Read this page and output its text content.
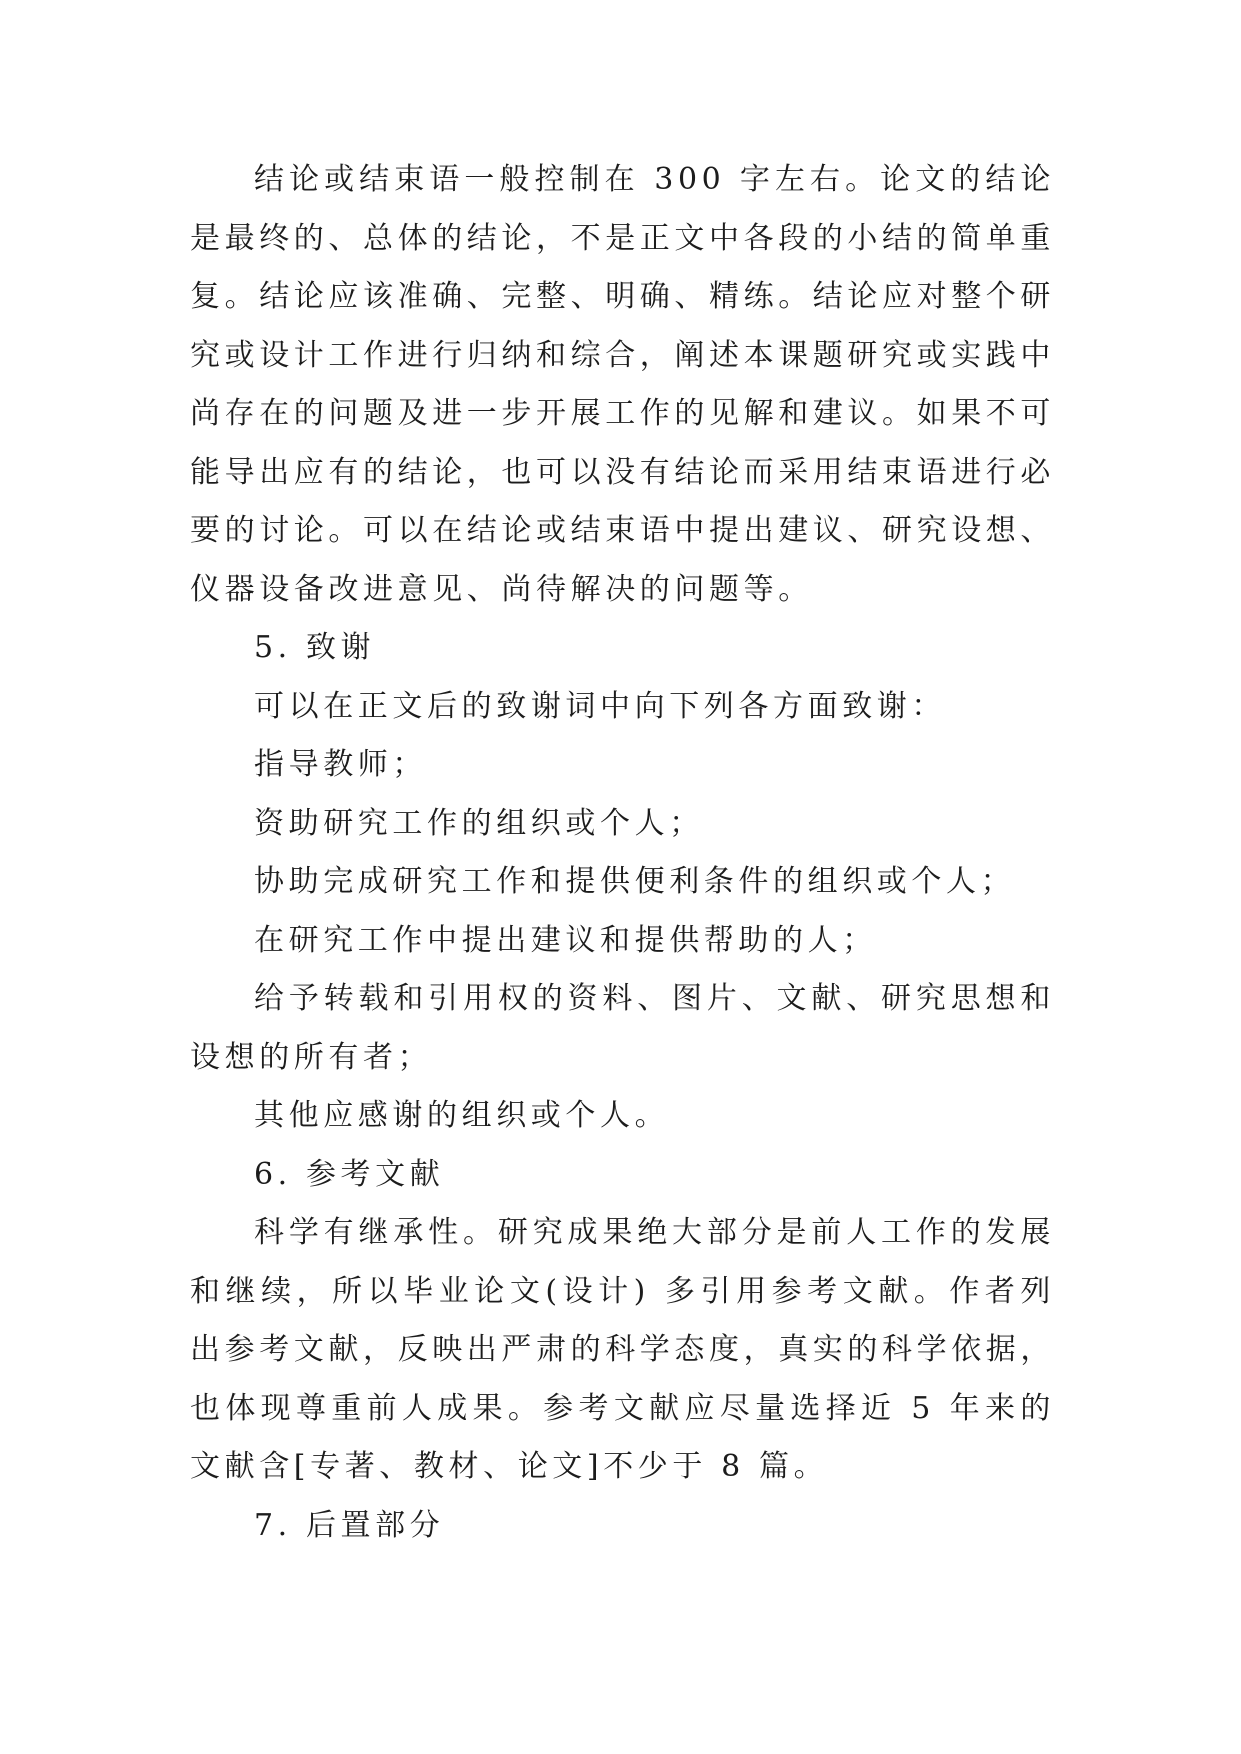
结论或结束语一般控制在 300 字左右。论文的结论是最终的、总体的结论，不是正文中各段的小结的简单重复。结论应该准确、完整、明确、精练。结论应对整个研究或设计工作进行归纳和综合，阐述本课题研究或实践中尚存在的问题及进一步开展工作的见解和建议。如果不可能导出应有的结论，也可以没有结论而采用结束语进行必要的讨论。可以在结论或结束语中提出建议、研究设想、仪器设备改进意见、尚待解决的问题等。

5. 致谢

可以在正文后的致谢词中向下列各方面致谢：

指导教师；

资助研究工作的组织或个人；

协助完成研究工作和提供便利条件的组织或个人；

在研究工作中提出建议和提供帮助的人；

给予转载和引用权的资料、图片、文献、研究思想和设想的所有者；

其他应感谢的组织或个人。

6. 参考文献

科学有继承性。研究成果绝大部分是前人工作的发展和继续，所以毕业论文(设计) 多引用参考文献。作者列出参考文献，反映出严肃的科学态度，真实的科学依据，也体现尊重前人成果。参考文献应尽量选择近 5 年来的文献含[专著、教材、论文]不少于 8 篇。

7. 后置部分
